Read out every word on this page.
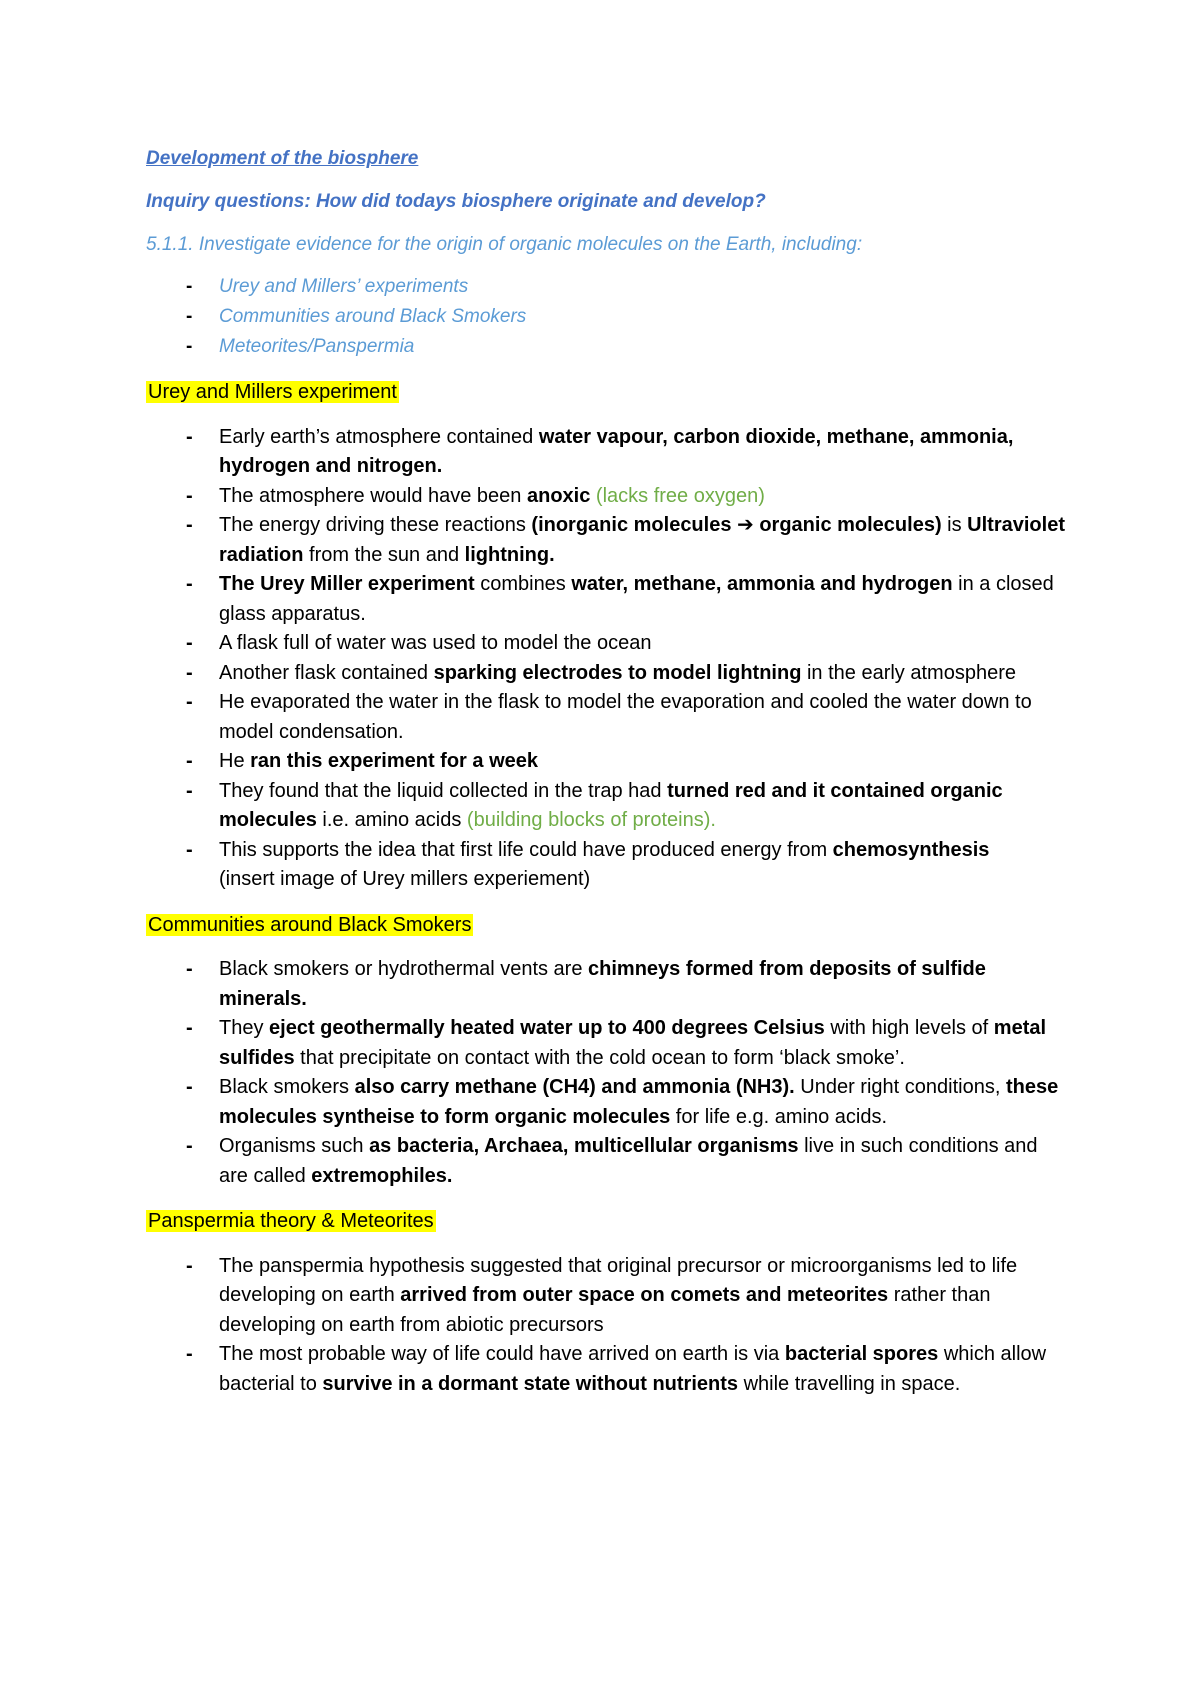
Development of the biosphere
Inquiry questions: How did todays biosphere originate and develop?
5.1.1. Investigate evidence for the origin of organic molecules on the Earth, including:
- Urey and Millers’ experiments
- Communities around Black Smokers
- Meteorites/Panspermia
Urey and Millers experiment
- Early earth’s atmosphere contained water vapour, carbon dioxide, methane, ammonia, hydrogen and nitrogen.
- The atmosphere would have been anoxic (lacks free oxygen)
- The energy driving these reactions (inorganic molecules ➔ organic molecules) is Ultraviolet radiation from the sun and lightning.
- The Urey Miller experiment combines water, methane, ammonia and hydrogen in a closed glass apparatus.
- A flask full of water was used to model the ocean
- Another flask contained sparking electrodes to model lightning in the early atmosphere
- He evaporated the water in the flask to model the evaporation and cooled the water down to model condensation.
- He ran this experiment for a week
- They found that the liquid collected in the trap had turned red and it contained organic molecules i.e. amino acids (building blocks of proteins).
- This supports the idea that first life could have produced energy from chemosynthesis
(insert image of Urey millers experiement)
Communities around Black Smokers
- Black smokers or hydrothermal vents are chimneys formed from deposits of sulfide minerals.
- They eject geothermally heated water up to 400 degrees Celsius with high levels of metal sulfides that precipitate on contact with the cold ocean to form ‘black smoke’.
- Black smokers also carry methane (CH4) and ammonia (NH3). Under right conditions, these molecules syntheise to form organic molecules for life e.g. amino acids.
- Organisms such as bacteria, Archaea, multicellular organisms live in such conditions and are called extremophiles.
Panspermia theory & Meteorites
- The panspermia hypothesis suggested that original precursor or microorganisms led to life developing on earth arrived from outer space on comets and meteorites rather than developing on earth from abiotic precursors
- The most probable way of life could have arrived on earth is via bacterial spores which allow bacterial to survive in a dormant state without nutrients while travelling in space.
